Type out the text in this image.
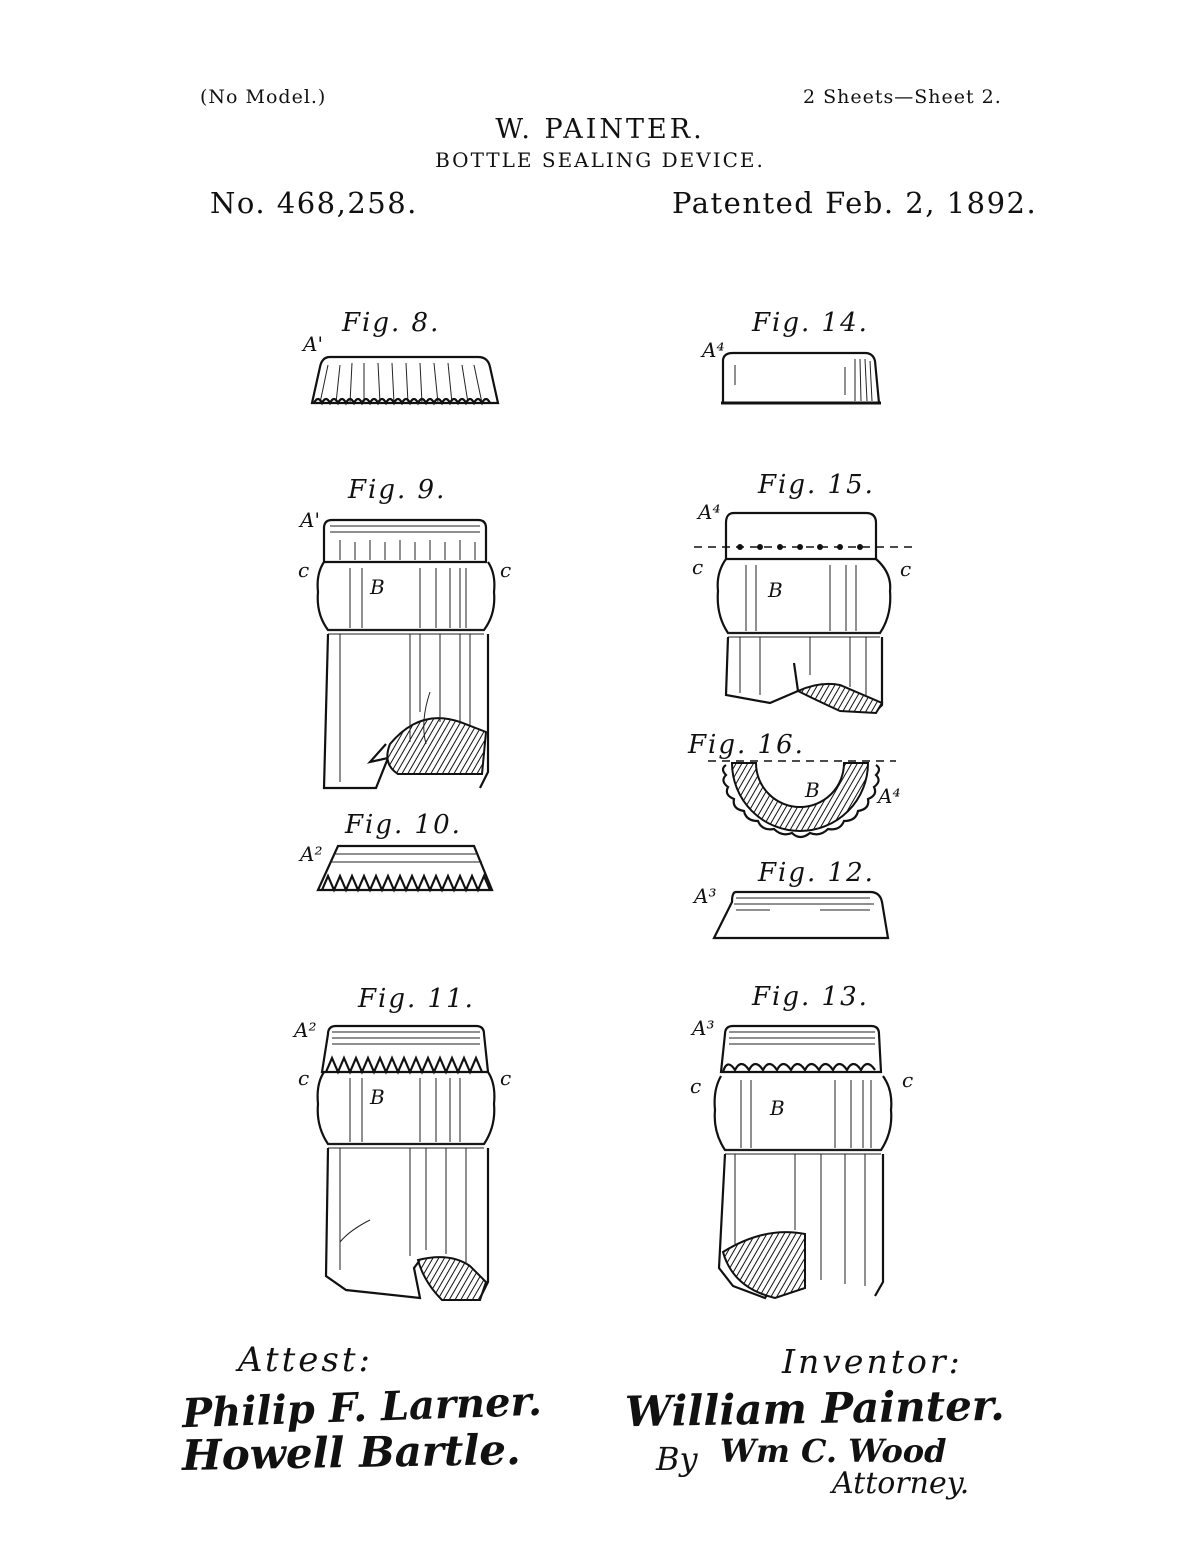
(No Model.)	2 Sheets—Sheet 2.
W. PAINTER.
BOTTLE SEALING DEVICE.
No. 468,258.	Patented Feb. 2, 1892.
Fig. 8.
A'
Fig. 14.
A⁴
Fig. 9.
A'
c	c
B
Fig. 15.
A⁴
c	c
B
Fig. 16.
B	A⁴
Fig. 10.
A²
Fig. 12.
A³
Fig. 11.
A²
c	c
B
Fig. 13.
A³
c	c
B
Attest:
Philip F. Larner.
Howell Bartle.
Inventor:
William Painter.
By Wm C. Wood
Attorney.
